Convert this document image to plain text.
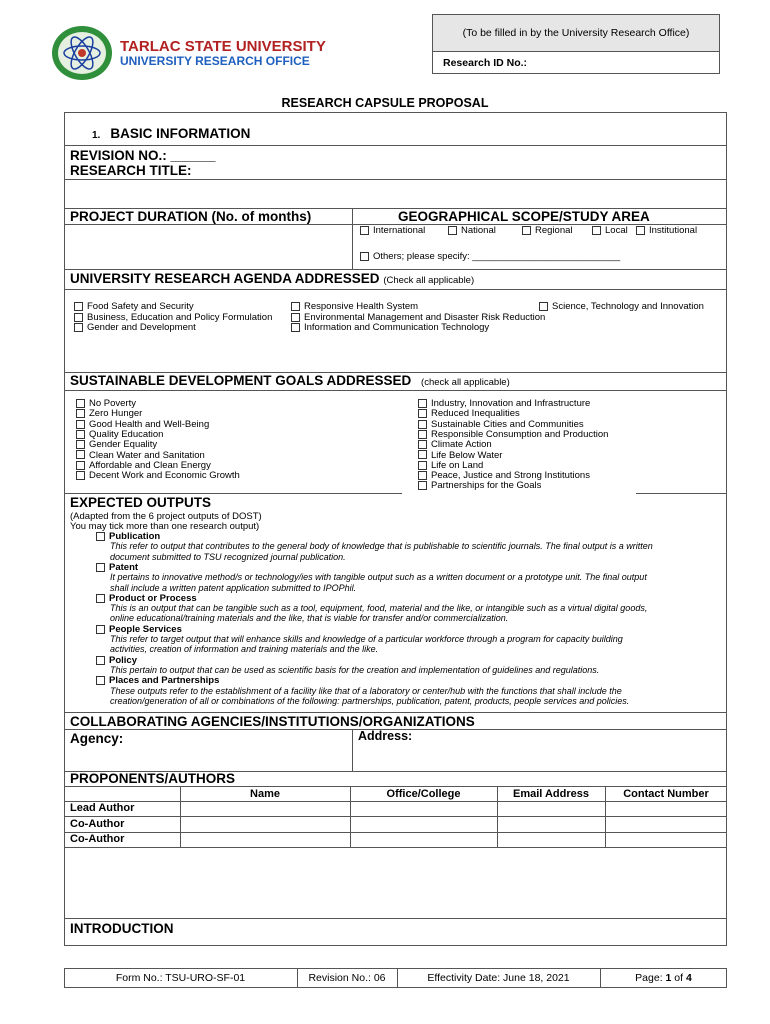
TARLAC STATE UNIVERSITY
UNIVERSITY RESEARCH OFFICE
(To be filled in by the University Research Office)
Research ID No.:
RESEARCH CAPSULE PROPOSAL
1. BASIC INFORMATION
REVISION NO.: ______
RESEARCH TITLE:
PROJECT DURATION (No. of months)	GEOGRAPHICAL SCOPE/STUDY AREA
International	National	Regional	Local	Institutional
Others; please specify: ____________________________
UNIVERSITY RESEARCH AGENDA ADDRESSED (Check all applicable)
Food Safety and Security
Business, Education and Policy Formulation
Gender and Development
Responsive Health System
Environmental Management and Disaster Risk Reduction
Information and Communication Technology
Science, Technology and Innovation
SUSTAINABLE DEVELOPMENT GOALS ADDRESSED (check all applicable)
No Poverty
Zero Hunger
Good Health and Well-Being
Quality Education
Gender Equality
Clean Water and Sanitation
Affordable and Clean Energy
Decent Work and Economic Growth
Industry, Innovation and Infrastructure
Reduced Inequalities
Sustainable Cities and Communities
Responsible Consumption and Production
Climate Action
Life Below Water
Life on Land
Peace, Justice and Strong Institutions
Partnerships for the Goals
EXPECTED OUTPUTS
(Adapted from the 6 project outputs of DOST)
You may tick more than one research output)
Publication
This refer to output that contributes to the general body of knowledge that is publishable to scientific journals. The final output is a written
document submitted to TSU recognized journal publication.
Patent
It pertains to innovative method/s or technology/ies with tangible output such as a written document or a prototype unit. The final output
shall include a written patent application submitted to IPOPhil.
Product or Process
This is an output that can be tangible such as a tool, equipment, food, material and the like, or intangible such as a virtual digital goods,
online educational/training materials and the like, that is viable for transfer and/or commercialization.
People Services
This refer to target output that will enhance skills and knowledge of a particular workforce through a program for capacity building
activities, creation of information and training materials and the like.
Policy
This pertain to output that can be used as scientific basis for the creation and implementation of guidelines and regulations.
Places and Partnerships
These outputs refer to the establishment of a facility like that of a laboratory or center/hub with the functions that shall include the
creation/generation of all or combinations of the following: partnerships, publication, patent, products, people services and policies.
COLLABORATING AGENCIES/INSTITUTIONS/ORGANIZATIONS
Agency:	Address:
PROPONENTS/AUTHORS
Name	Office/College	Email Address	Contact Number
Lead Author
Co-Author
Co-Author
INTRODUCTION
Form No.: TSU-URO-SF-01	Revision No.: 06	Effectivity Date: June 18, 2021	Page: 1 of 4
